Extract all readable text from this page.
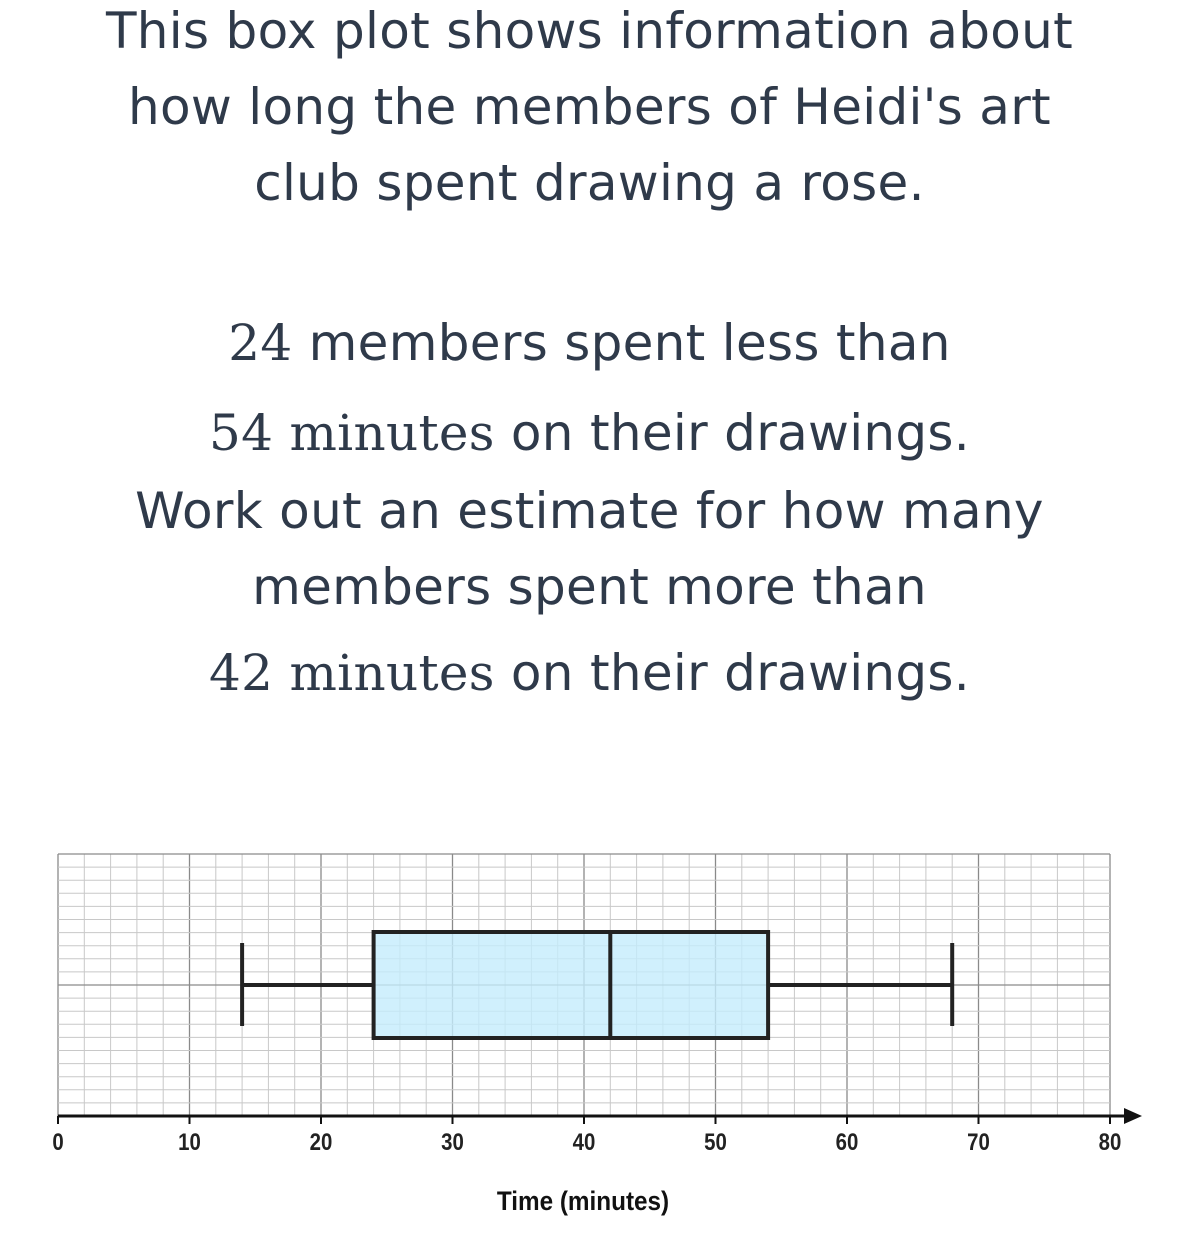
This box plot shows information about
how long the members of Heidi's art
club spent drawing a rose.
24 members spent less than
54 minutes on their drawings.
Work out an estimate for how many
members spent more than
42 minutes on their drawings.
0	10	20	30	40	50	60	70	80
Time (minutes)
